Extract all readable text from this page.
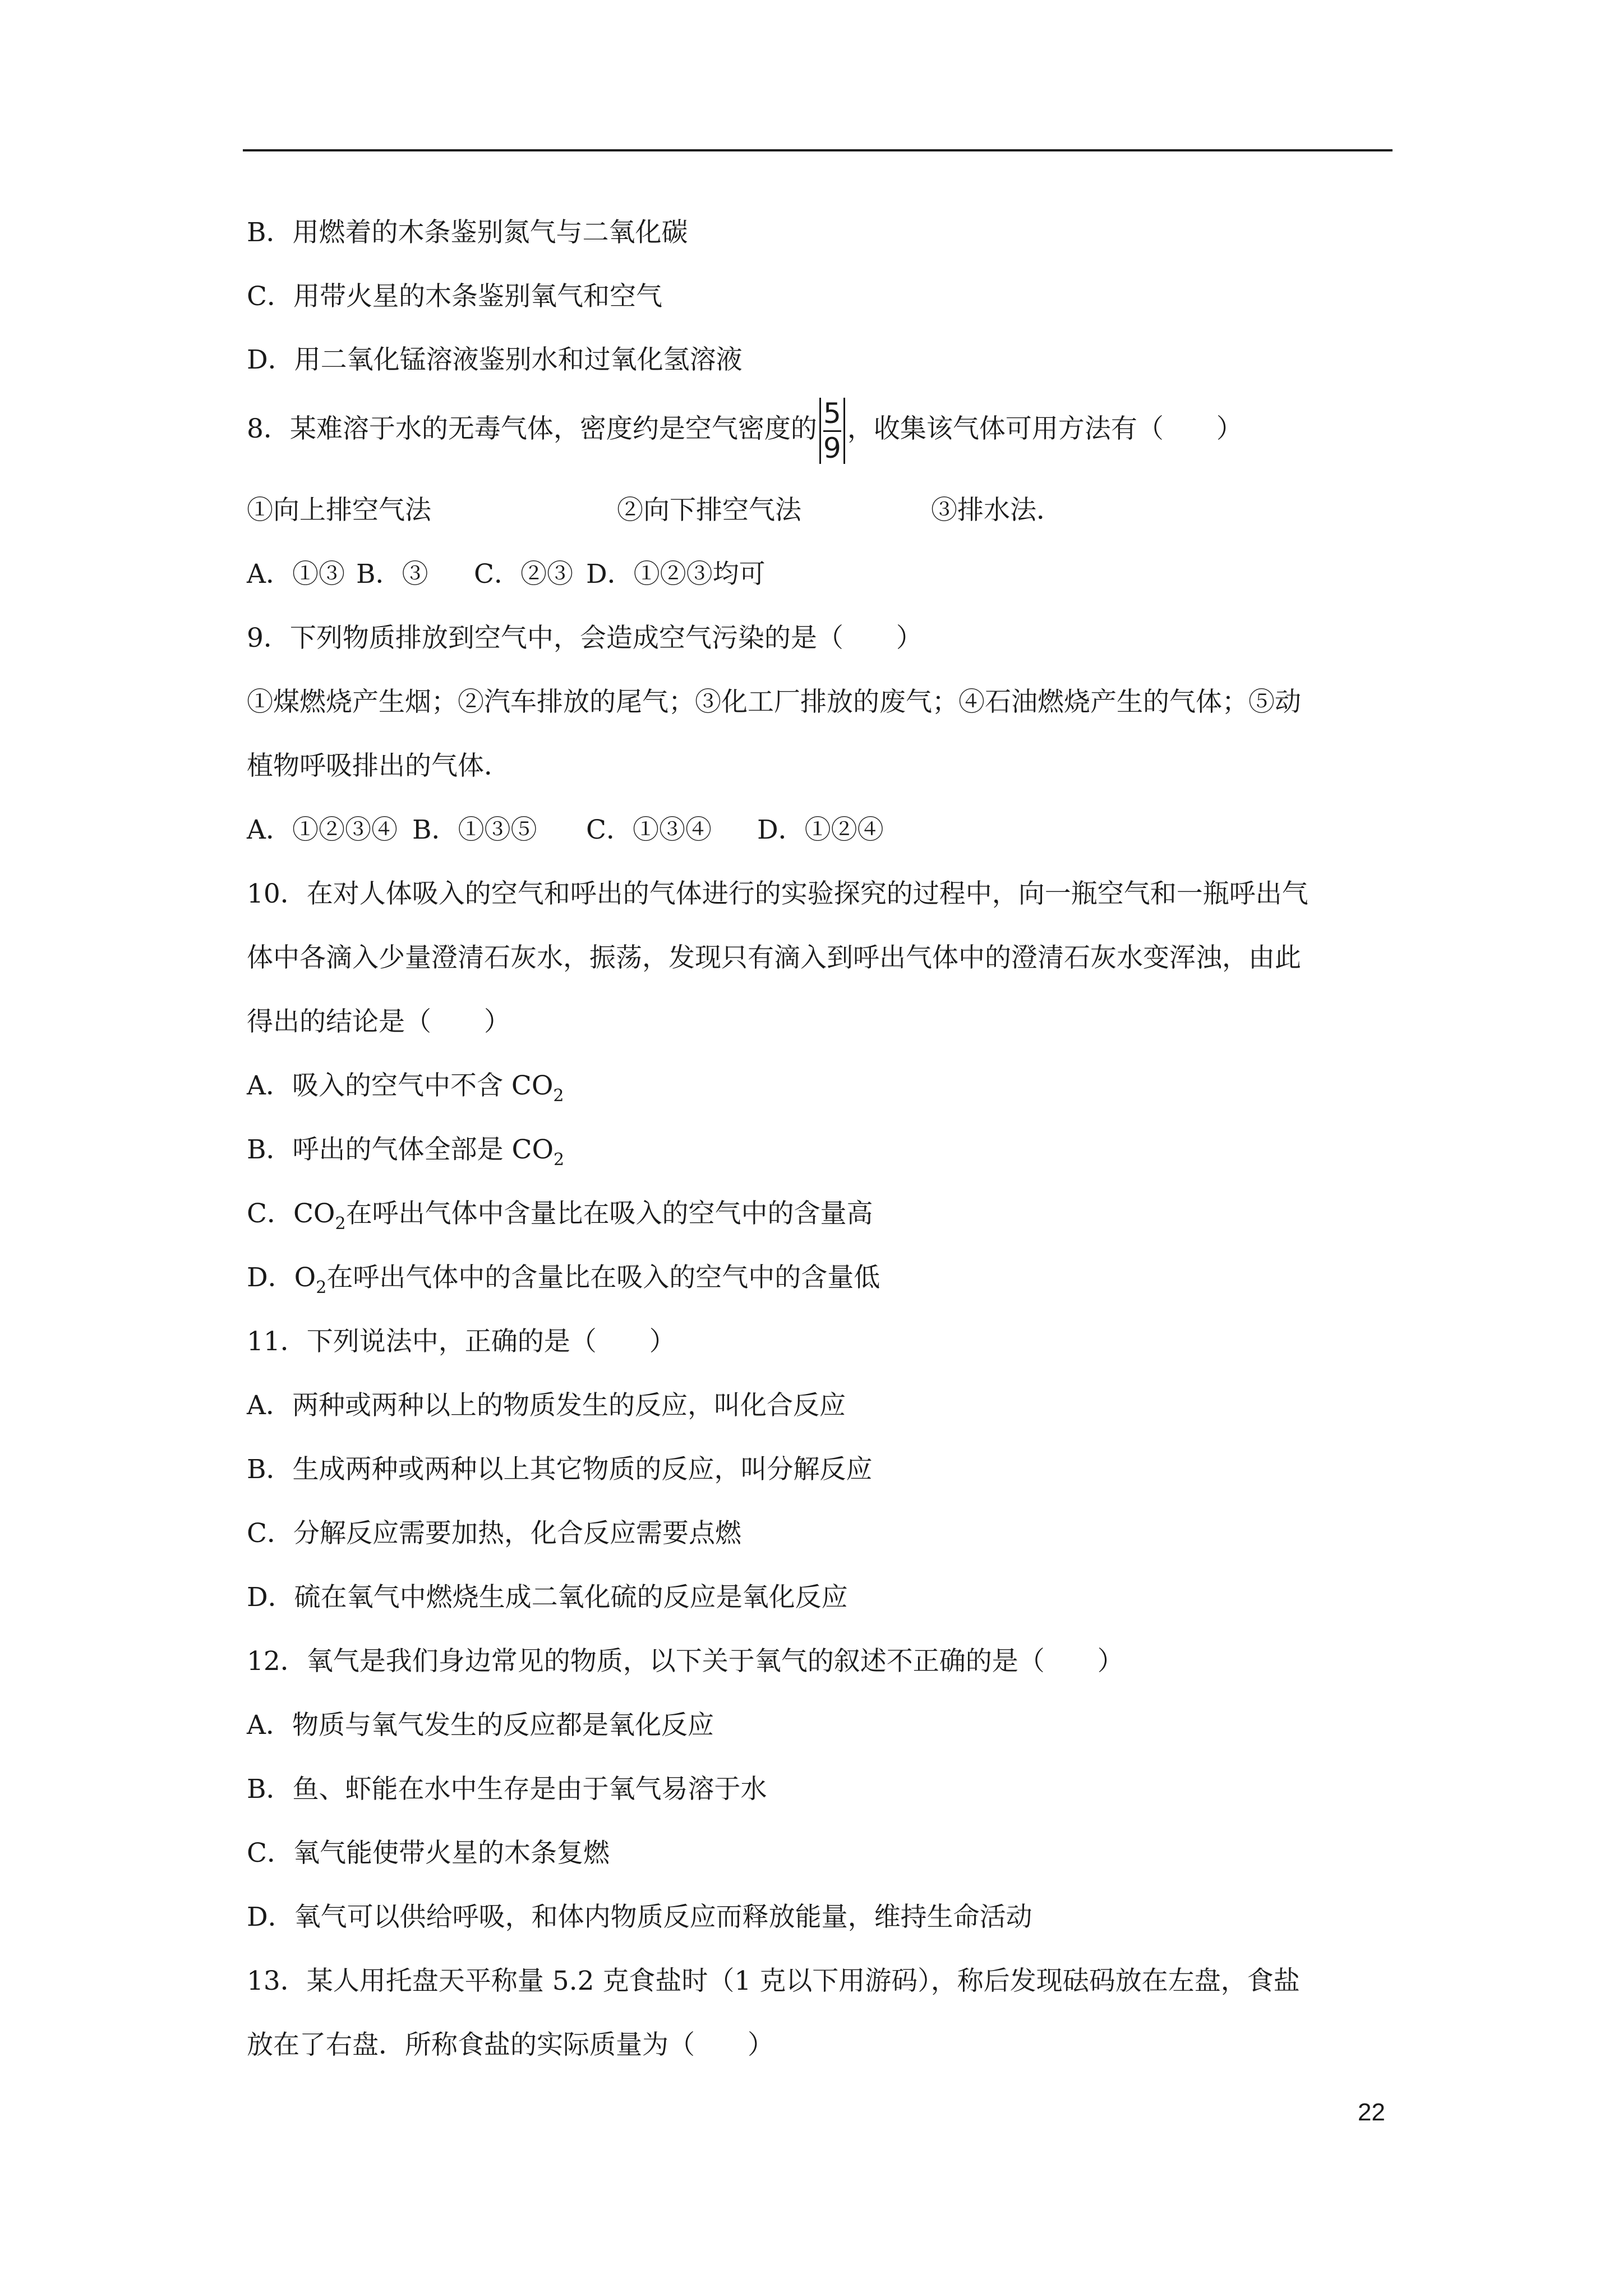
B．用燃着的木条鉴别氮气与二氧化碳
C．用带火星的木条鉴别氧气和空气
D．用二氧化锰溶液鉴别水和过氧化氢溶液
8．某难溶于水的无毒气体，密度约是空气密度的 $\frac{5}{9}$ ，收集该气体可用方法有（　　）
①向上排空气法	②向下排空气法	③排水法．
A．①③ B．③ C．②③ D．①②③均可
9．下列物质排放到空气中，会造成空气污染的是（　　）
①煤燃烧产生烟；②汽车排放的尾气；③化工厂排放的废气；④石油燃烧产生的气体；⑤动
植物呼吸排出的气体．
A．①②③④ B．①③⑤ C．①③④ D．①②④
10．在对人体吸入的空气和呼出的气体进行的实验探究的过程中，向一瓶空气和一瓶呼出气
体中各滴入少量澄清石灰水，振荡，发现只有滴入到呼出气体中的澄清石灰水变浑浊，由此
得出的结论是（　　）
A．吸入的空气中不含 $CO_2$
B．呼出的气体全部是 $CO_2$
C．$CO_2$在呼出气体中含量比在吸入的空气中的含量高
D．$O_2$在呼出气体中的含量比在吸入的空气中的含量低
11．下列说法中，正确的是（　　）
A．两种或两种以上的物质发生的反应，叫化合反应
B．生成两种或两种以上其它物质的反应，叫分解反应
C．分解反应需要加热，化合反应需要点燃
D．硫在氧气中燃烧生成二氧化硫的反应是氧化反应
12．氧气是我们身边常见的物质，以下关于氧气的叙述不正确的是（　　）
A．物质与氧气发生的反应都是氧化反应
B．鱼、虾能在水中生存是由于氧气易溶于水
C．氧气能使带火星的木条复燃
D．氧气可以供给呼吸，和体内物质反应而释放能量，维持生命活动
13．某人用托盘天平称量 5.2 克食盐时（1 克以下用游码），称后发现砝码放在左盘，食盐
放在了右盘．所称食盐的实际质量为（　　）
22
